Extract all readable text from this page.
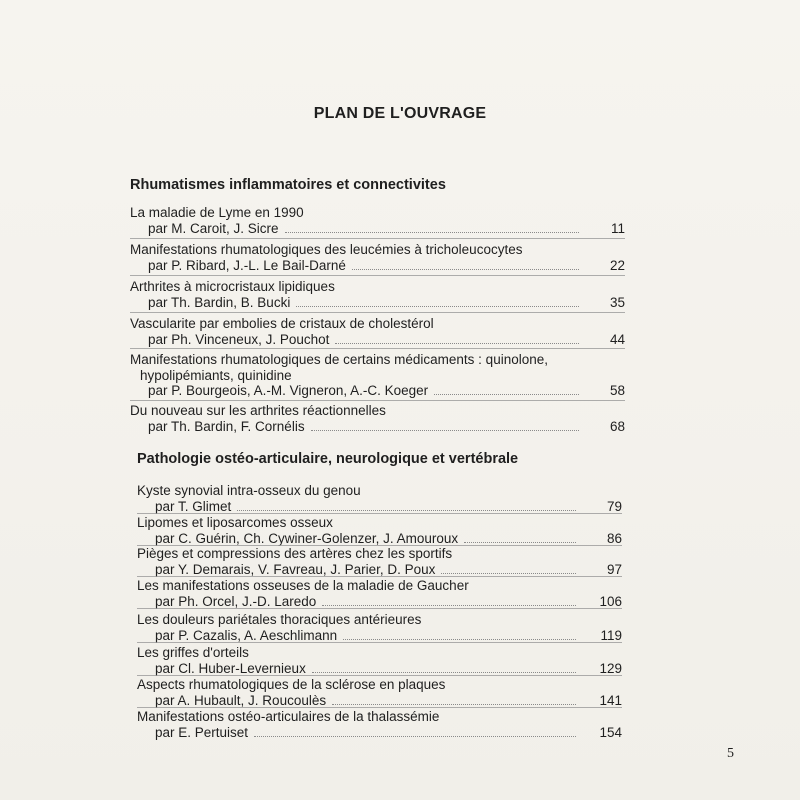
PLAN DE L'OUVRAGE
Rhumatismes inflammatoires et connectivites
La maladie de Lyme en 1990
par M. Caroit, J. Sicre	11
Manifestations rhumatologiques des leucémies à tricholeucocytes
par P. Ribard, J.-L. Le Bail-Darné	22
Arthrites à microcristaux lipidiques
par Th. Bardin, B. Bucki	35
Vascularite par embolies de cristaux de cholestérol
par Ph. Vinceneux, J. Pouchot	44
Manifestations rhumatologiques de certains médicaments : quinolone,
hypolipémiants, quinidine
par P. Bourgeois, A.-M. Vigneron, A.-C. Koeger	58
Du nouveau sur les arthrites réactionnelles
par Th. Bardin, F. Cornélis	68
Pathologie ostéo-articulaire, neurologique et vertébrale
Kyste synovial intra-osseux du genou
par T. Glimet	79
Lipomes et liposarcomes osseux
par C. Guérin, Ch. Cywiner-Golenzer, J. Amouroux	86
Pièges et compressions des artères chez les sportifs
par Y. Demarais, V. Favreau, J. Parier, D. Poux	97
Les manifestations osseuses de la maladie de Gaucher
par Ph. Orcel, J.-D. Laredo	106
Les douleurs pariétales thoraciques antérieures
par P. Cazalis, A. Aeschlimann	119
Les griffes d'orteils
par Cl. Huber-Levernieux	129
Aspects rhumatologiques de la sclérose en plaques
par A. Hubault, J. Roucoulès	141
Manifestations ostéo-articulaires de la thalassémie
par E. Pertuiset	154
5
